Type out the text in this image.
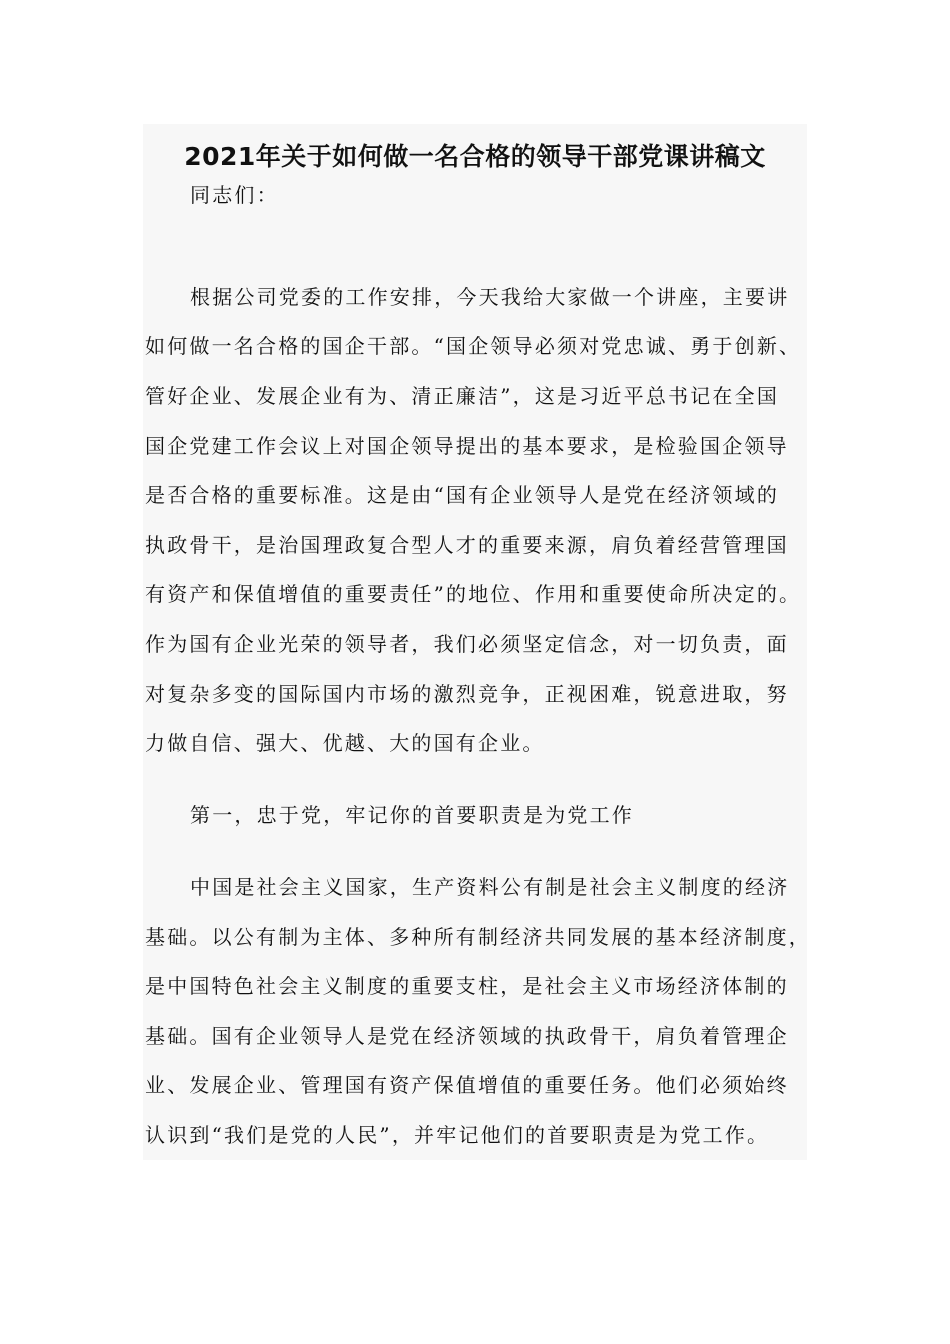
2021年关于如何做一名合格的领导干部党课讲稿文
同志们：
根据公司党委的工作安排，今天我给大家做一个讲座，主要讲
如何做一名合格的国企干部。“国企领导必须对党忠诚、勇于创新、
管好企业、发展企业有为、清正廉洁”，这是习近平总书记在全国
国企党建工作会议上对国企领导提出的基本要求，是检验国企领导
是否合格的重要标准。这是由“国有企业领导人是党在经济领域的
执政骨干，是治国理政复合型人才的重要来源，肩负着经营管理国
有资产和保值增值的重要责任”的地位、作用和重要使命所决定的。
作为国有企业光荣的领导者，我们必须坚定信念，对一切负责，面
对复杂多变的国际国内市场的激烈竞争，正视困难，锐意进取，努
力做自信、强大、优越、大的国有企业。
第一，忠于党，牢记你的首要职责是为党工作
中国是社会主义国家，生产资料公有制是社会主义制度的经济
基础。以公有制为主体、多种所有制经济共同发展的基本经济制度，
是中国特色社会主义制度的重要支柱，是社会主义市场经济体制的
基础。国有企业领导人是党在经济领域的执政骨干，肩负着管理企
业、发展企业、管理国有资产保值增值的重要任务。他们必须始终
认识到“我们是党的人民”，并牢记他们的首要职责是为党工作。
